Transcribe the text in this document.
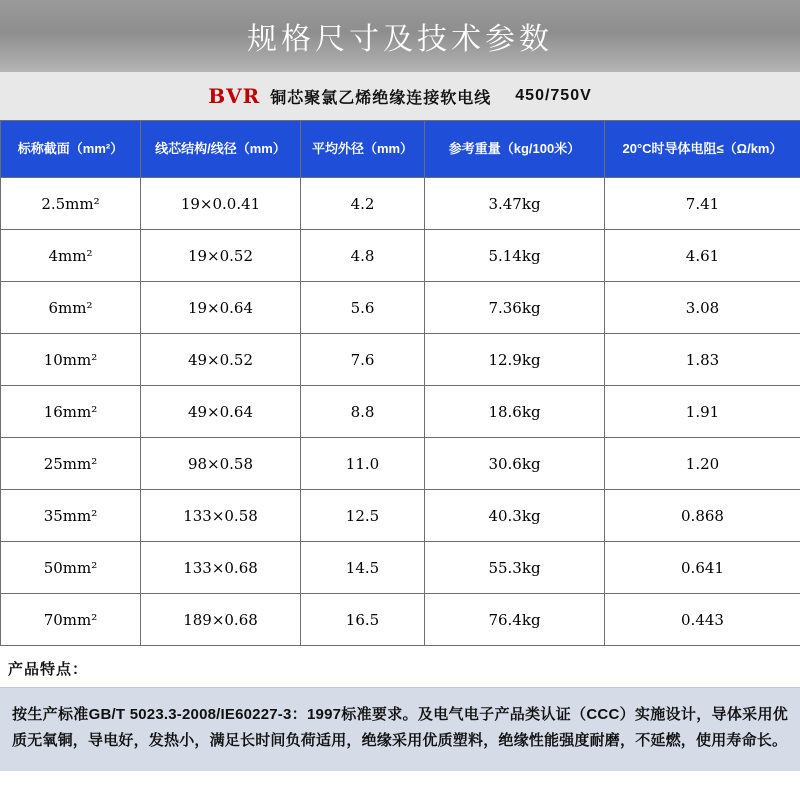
规格尺寸及技术参数
BVR 铜芯聚氯乙烯绝缘连接软电线 450/750V
标称截面（mm²）	线芯结构/线径（mm）	平均外径（mm）	参考重量（kg/100米）	20°C时导体电阻≤（Ω/km）
2.5mm²	19×0.0.41	4.2	3.47kg	7.41
4mm²	19×0.52	4.8	5.14kg	4.61
6mm²	19×0.64	5.6	7.36kg	3.08
10mm²	49×0.52	7.6	12.9kg	1.83
16mm²	49×0.64	8.8	18.6kg	1.91
25mm²	98×0.58	11.0	30.6kg	1.20
35mm²	133×0.58	12.5	40.3kg	0.868
50mm²	133×0.68	14.5	55.3kg	0.641
70mm²	189×0.68	16.5	76.4kg	0.443
产品特点：

按生产标准GB/T 5023.3-2008/IE60227-3：1997标准要求。及电气电子产品类认证（CCC）实施设计，导体采用优质无氧铜，导电好，发热小，满足长时间负荷适用，绝缘采用优质塑料，绝缘性能强度耐磨，不延燃，使用寿命长。
